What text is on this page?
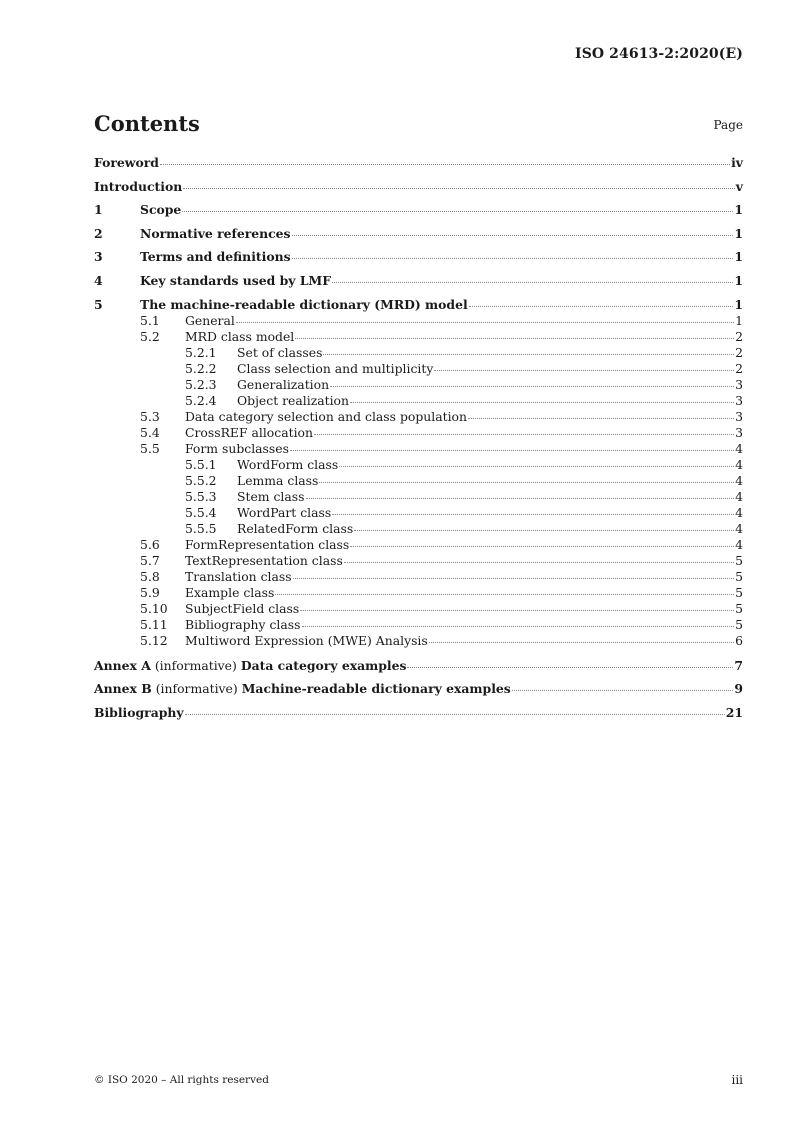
ISO 24613-2:2020(E)
Contents	Page
Foreword	iv
Introduction	v
1	Scope	1
2	Normative references	1
3	Terms and definitions	1
4	Key standards used by LMF	1
5	The machine-readable dictionary (MRD) model	1
5.1	General	1
5.2	MRD class model	2
5.2.1	Set of classes	2
5.2.2	Class selection and multiplicity	2
5.2.3	Generalization	3
5.2.4	Object realization	3
5.3	Data category selection and class population	3
5.4	CrossREF allocation	3
5.5	Form subclasses	4
5.5.1	WordForm class	4
5.5.2	Lemma class	4
5.5.3	Stem class	4
5.5.4	WordPart class	4
5.5.5	RelatedForm class	4
5.6	FormRepresentation class	4
5.7	TextRepresentation class	5
5.8	Translation class	5
5.9	Example class	5
5.10	SubjectField class	5
5.11	Bibliography class	5
5.12	Multiword Expression (MWE) Analysis	6
Annex A (informative) Data category examples	7
Annex B (informative) Machine-readable dictionary examples	9
Bibliography	21
© ISO 2020 – All rights reserved	iii
